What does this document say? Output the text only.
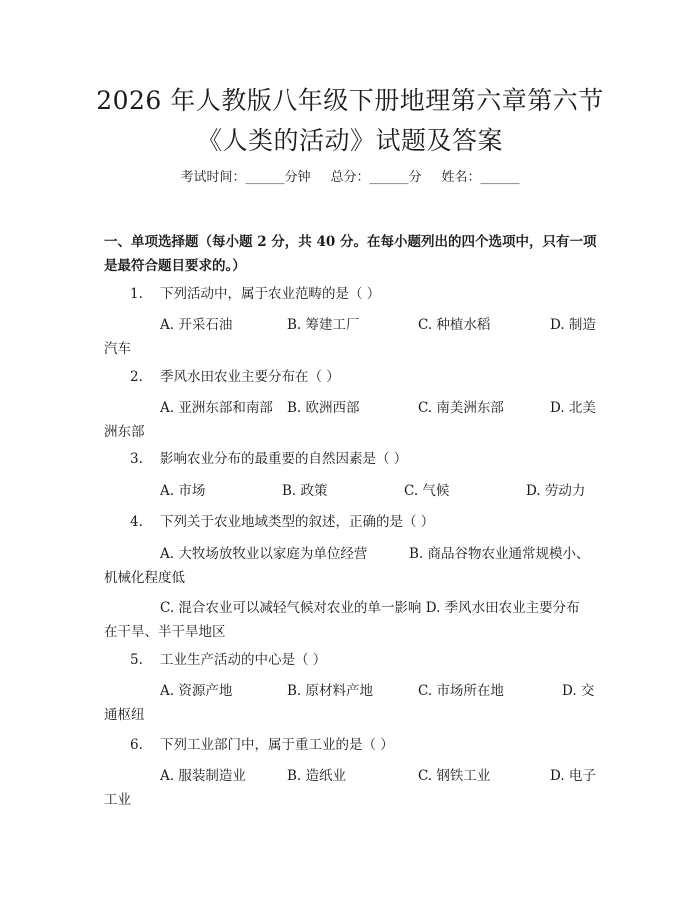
2026 年人教版八年级下册地理第六章第六节
《人类的活动》试题及答案
考试时间：______分钟 总分：______分 姓名：______
一、单项选择题（每小题 2 分，共 40 分。在每小题列出的四个选项中，只有一项
是最符合题目要求的。）
1. 下列活动中，属于农业范畴的是（ ）
A. 开采石油	B. 筹建工厂	C. 种植水稻	D. 制造
汽车
2. 季风水田农业主要分布在（ ）
A. 亚洲东部和南部 B. 欧洲西部	C. 南美洲东部	D. 北美
洲东部
3. 影响农业分布的最重要的自然因素是（ ）
A. 市场	B. 政策	C. 气候	D. 劳动力
4. 下列关于农业地域类型的叙述，正确的是（ ）
A. 大牧场放牧业以家庭为单位经营	B. 商品谷物农业通常规模小、
机械化程度低
C. 混合农业可以减轻气候对农业的单一影响 D. 季风水田农业主要分布
在干旱、半干旱地区
5. 工业生产活动的中心是（ ）
A. 资源产地	B. 原材料产地	C. 市场所在地	D. 交
通枢纽
6. 下列工业部门中，属于重工业的是（ ）
A. 服装制造业	B. 造纸业	C. 钢铁工业	D. 电子
工业
